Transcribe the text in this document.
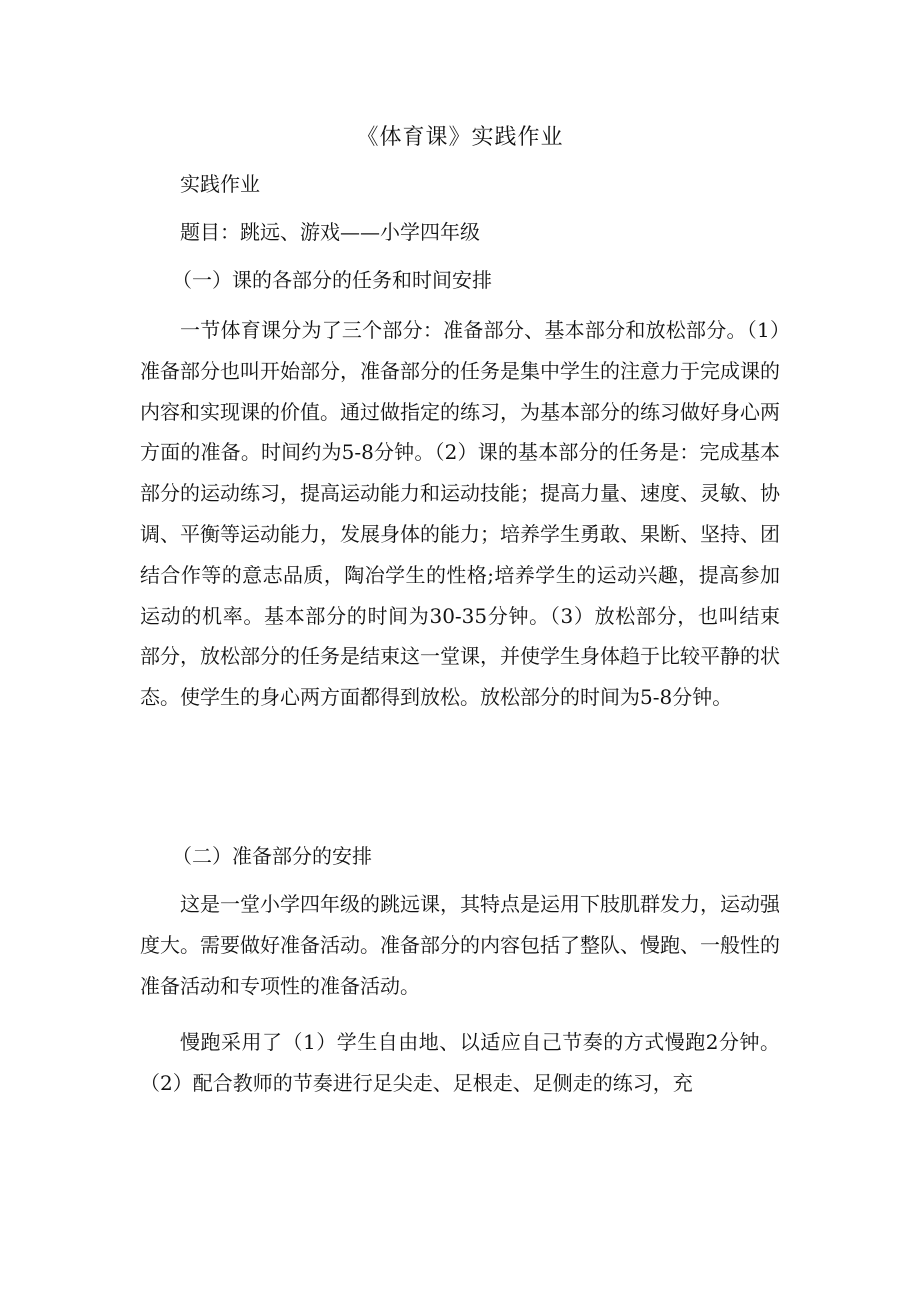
《体育课》实践作业
实践作业
题目：跳远、游戏——小学四年级
（一）课的各部分的任务和时间安排
一节体育课分为了三个部分：准备部分、基本部分和放松部分。（1）准备部分也叫开始部分，准备部分的任务是集中学生的注意力于完成课的内容和实现课的价值。通过做指定的练习，为基本部分的练习做好身心两方面的准备。时间约为5-8分钟。（2）课的基本部分的任务是：完成基本部分的运动练习，提高运动能力和运动技能；提高力量、速度、灵敏、协调、平衡等运动能力，发展身体的能力；培养学生勇敢、果断、坚持、团结合作等的意志品质，陶冶学生的性格;培养学生的运动兴趣，提高参加运动的机率。基本部分的时间为30-35分钟。（3）放松部分，也叫结束部分，放松部分的任务是结束这一堂课，并使学生身体趋于比较平静的状态。使学生的身心两方面都得到放松。放松部分的时间为5-8分钟。
（二）准备部分的安排
这是一堂小学四年级的跳远课，其特点是运用下肢肌群发力，运动强度大。需要做好准备活动。准备部分的内容包括了整队、慢跑、一般性的准备活动和专项性的准备活动。
慢跑采用了（1）学生自由地、以适应自己节奏的方式慢跑2分钟。（2）配合教师的节奏进行足尖走、足根走、足侧走的练习，充
